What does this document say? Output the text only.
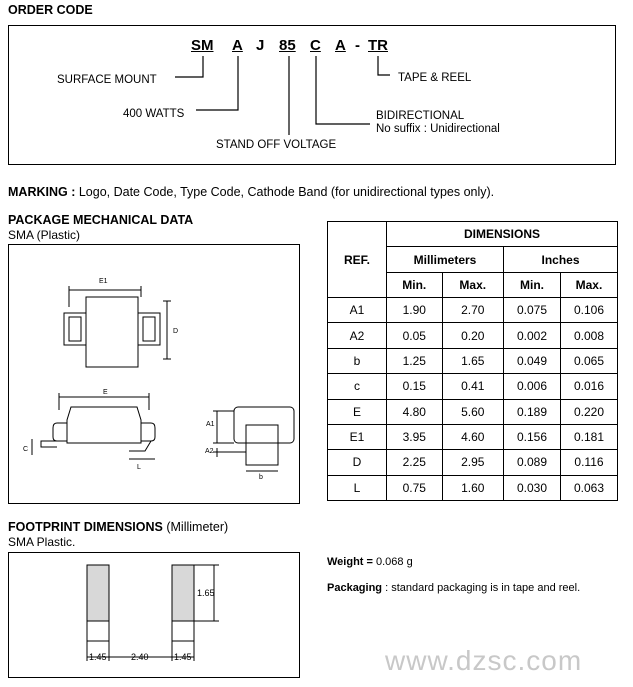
ORDER CODE
SM A J 85 C A - TR
SURFACE MOUNT
400 WATTS
STAND OFF VOLTAGE
BIDIRECTIONAL
No suffix : Unidirectional
TAPE & REEL
MARKING : Logo, Date Code, Type Code, Cathode Band (for unidirectional types only).
PACKAGE MECHANICAL DATA
SMA (Plastic)
E1
D
E
C
L
A1
A2
b
REF.	DIMENSIONS			
	Millimeters		Inches	
	Min.	Max.	Min.	Max.
A1	1.90	2.70	0.075	0.106
A2	0.05	0.20	0.002	0.008
b	1.25	1.65	0.049	0.065
c	0.15	0.41	0.006	0.016
E	4.80	5.60	0.189	0.220
E1	3.95	4.60	0.156	0.181
D	2.25	2.95	0.089	0.116
L	0.75	1.60	0.030	0.063
FOOTPRINT DIMENSIONS (Millimeter)
SMA Plastic.
1.65
1.45	2.40	1.45
Weight = 0.068 g
Packaging : standard packaging is in tape and reel.
www.dzsc.com
